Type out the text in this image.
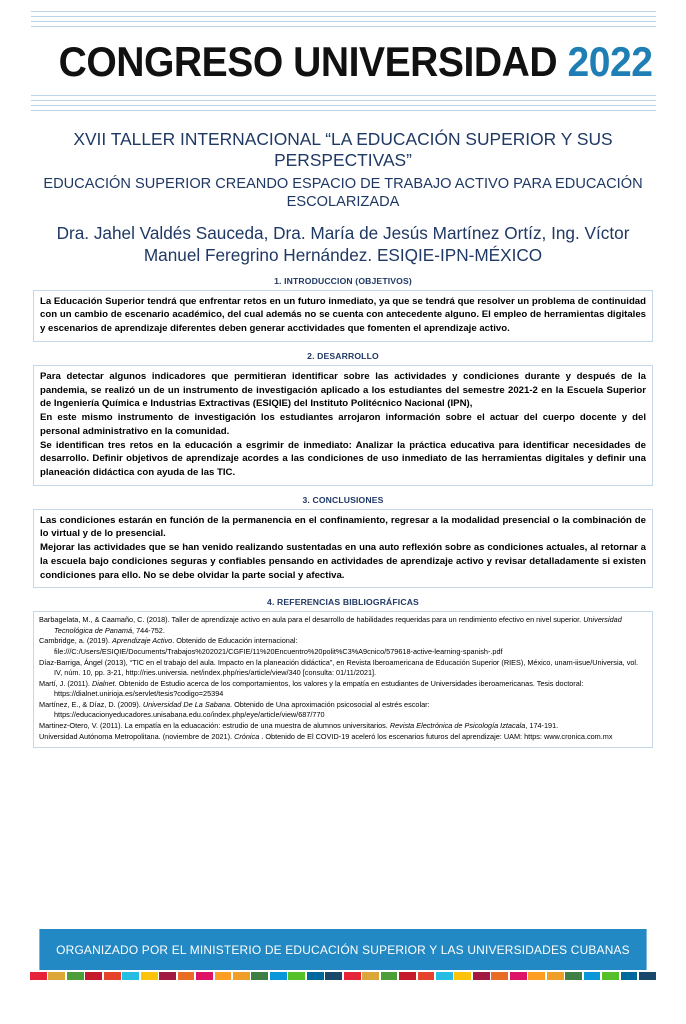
CONGRESO UNIVERSIDAD 2022
XVII TALLER INTERNACIONAL “LA EDUCACIÓN SUPERIOR Y SUS PERSPECTIVAS”
EDUCACIÓN SUPERIOR CREANDO ESPACIO DE TRABAJO ACTIVO PARA EDUCACIÓN ESCOLARIZADA
Dra. Jahel Valdés Sauceda, Dra. María de Jesús Martínez Ortíz, Ing. Víctor Manuel Feregrino Hernández. ESIQIE-IPN-MÉXICO
1. INTRODUCCION (OBJETIVOS)

La Educación Superior tendrá que enfrentar retos en un futuro inmediato, ya que se tendrá que resolver un problema de continuidad con un cambio de escenario académico, del cual además no se cuenta con antecedente alguno. El empleo de herramientas digitales y escenarios de aprendizaje diferentes deben generar acctividades que fomenten el aprendizaje activo.

2. DESARROLLO

Para detectar algunos indicadores que permitieran identificar sobre las actividades y condiciones durante y después de la pandemia, se realizó un de un instrumento de investigación aplicado a los estudiantes del semestre 2021-2 en la Escuela Superior de Ingeniería Química e Industrias Extractivas (ESIQIE) del Instituto Politécnico Nacional (IPN),

En este mismo instrumento de investigación los estudiantes arrojaron información sobre el actuar del cuerpo docente y del personal administrativo en la comunidad.

Se identifican tres retos en la educación a esgrimir de inmediato: Analizar la práctica educativa para identificar necesidades de desarrollo. Definir objetivos de aprendizaje acordes a las condiciones de uso inmediato de las herramientas digitales y definir una planeación didáctica con ayuda de las TIC.

3. CONCLUSIONES

Las condiciones estarán en función de la permanencia en el confinamiento, regresar a la modalidad presencial o la combinación de lo virtual y de lo presencial.

Mejorar las actividades que se han venido realizando sustentadas en una auto reflexión sobre as condiciones actuales, al retornar a la escuela bajo condiciones seguras y confiables pensando en actividades de aprendizaje activo y revisar detalladamente si existen condiciones para ello. No se debe olvidar la parte social y afectiva.

4. REFERENCIAS BIBLIOGRÁFICAS
Barbagelata, M., & Caamaño, C. (2018). Taller de aprendizaje activo en aula para el desarrollo de habilidades requeridas para un rendimiento efectivo en nivel superior. Universidad Tecnológica de Panamá, 744-752.
Cambridge, a. (2019). Aprendizaje Activo. Obtenido de Educación internacional: file:///C:/Users/ESIQIE/Documents/Trabajos%202021/CGFIE/11%20Encuentro%20polit%C3%A9cnico/579618-active-learning-spanish-.pdf
Díaz-Barriga, Ángel (2013), “TIC en el trabajo del aula. Impacto en la planeación didáctica”, en Revista Iberoamericana de Educación Superior (RIES), México, unam-iisue/Universia, vol. IV, núm. 10, pp. 3-21, http://ries.universia. net/index.php/ries/article/view/340 [consulta: 01/11/2021].
Martí, J. (2011). Dialnet. Obtenido de Estudio acerca de los comportamientos, los valores y la empatía en estudiantes de Universidades iberoamericanas. Tesis doctoral: https://dialnet.unirioja.es/servlet/tesis?codigo=25394
Martínez, E., & Díaz, D. (2009). Universidad De La Sabana. Obtenido de Una aproximación psicosocial al estrés escolar: https://educacionyeducadores.unisabana.edu.co/index.php/eye/article/view/687/770
Martinez-Otero, V. (2011). La empatía en la eduacación: estrudio de una muestra de alumnos universitarios. Revista Electrónica de Psicología Iztacala, 174-191.
Universidad Autónoma Metropolitana. (noviembre de 2021). Crónica . Obtenido de El COVID-19 aceleró los escenarios futuros del aprendizaje: UAM: https: www.cronica.com.mx
ORGANIZADO POR EL MINISTERIO DE EDUCACIÓN SUPERIOR Y LAS UNIVERSIDADES CUBANAS
